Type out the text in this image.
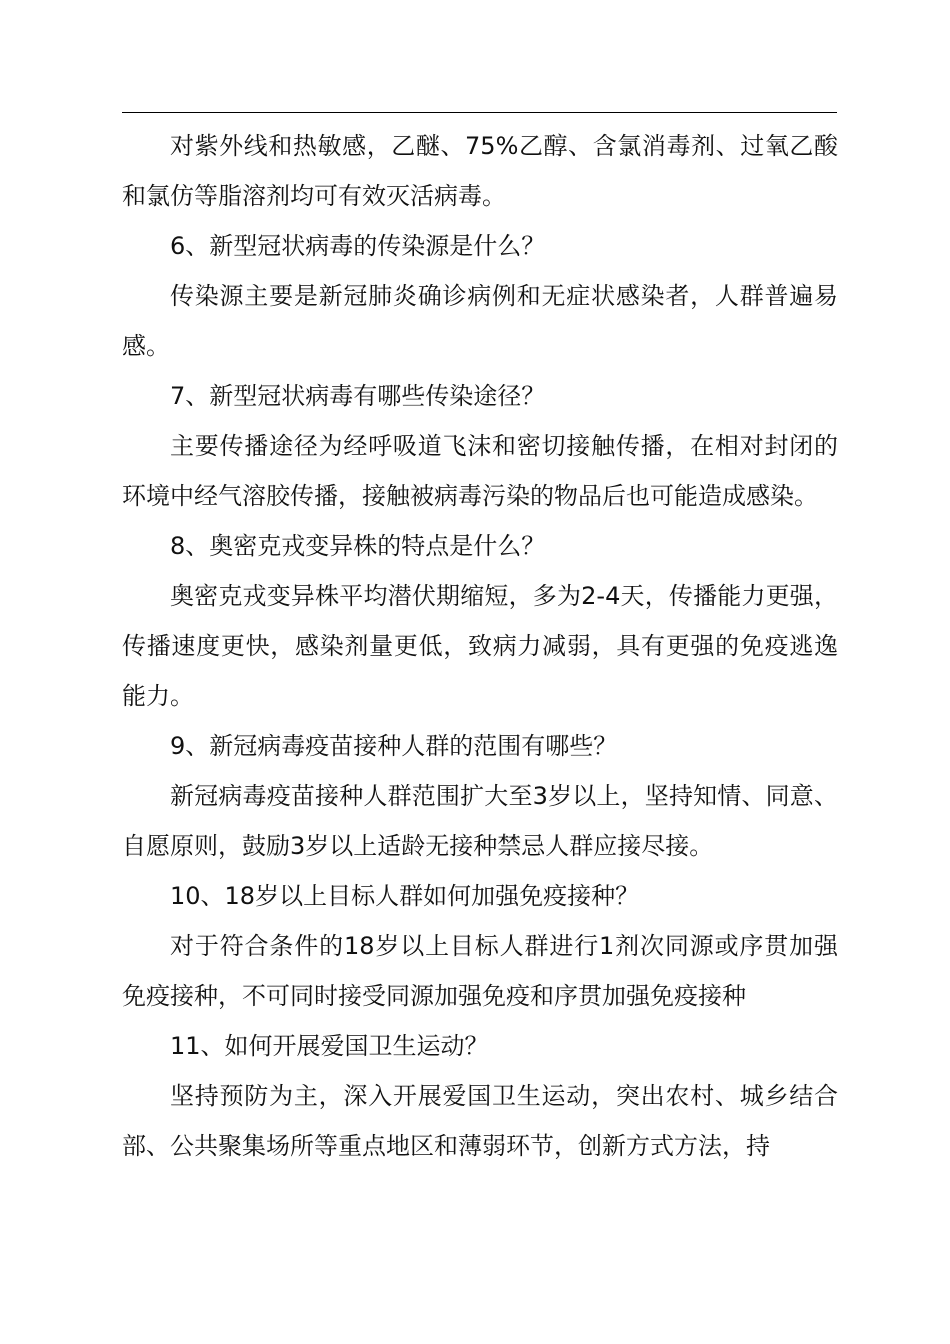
对紫外线和热敏感，乙醚、75%乙醇、含氯消毒剂、过氧乙酸和氯仿等脂溶剂均可有效灭活病毒。

6、新型冠状病毒的传染源是什么？

传染源主要是新冠肺炎确诊病例和无症状感染者，人群普遍易感。

7、新型冠状病毒有哪些传染途径？

主要传播途径为经呼吸道飞沫和密切接触传播，在相对封闭的环境中经气溶胶传播，接触被病毒污染的物品后也可能造成感染。

8、奥密克戎变异株的特点是什么？

奥密克戎变异株平均潜伏期缩短，多为2-4天，传播能力更强，传播速度更快，感染剂量更低，致病力减弱，具有更强的免疫逃逸能力。

9、新冠病毒疫苗接种人群的范围有哪些？

新冠病毒疫苗接种人群范围扩大至3岁以上，坚持知情、同意、自愿原则，鼓励3岁以上适龄无接种禁忌人群应接尽接。

10、18岁以上目标人群如何加强免疫接种？

对于符合条件的18岁以上目标人群进行1剂次同源或序贯加强免疫接种，不可同时接受同源加强免疫和序贯加强免疫接种

11、如何开展爱国卫生运动？

坚持预防为主，深入开展爱国卫生运动，突出农村、城乡结合部、公共聚集场所等重点地区和薄弱环节，创新方式方法，持
